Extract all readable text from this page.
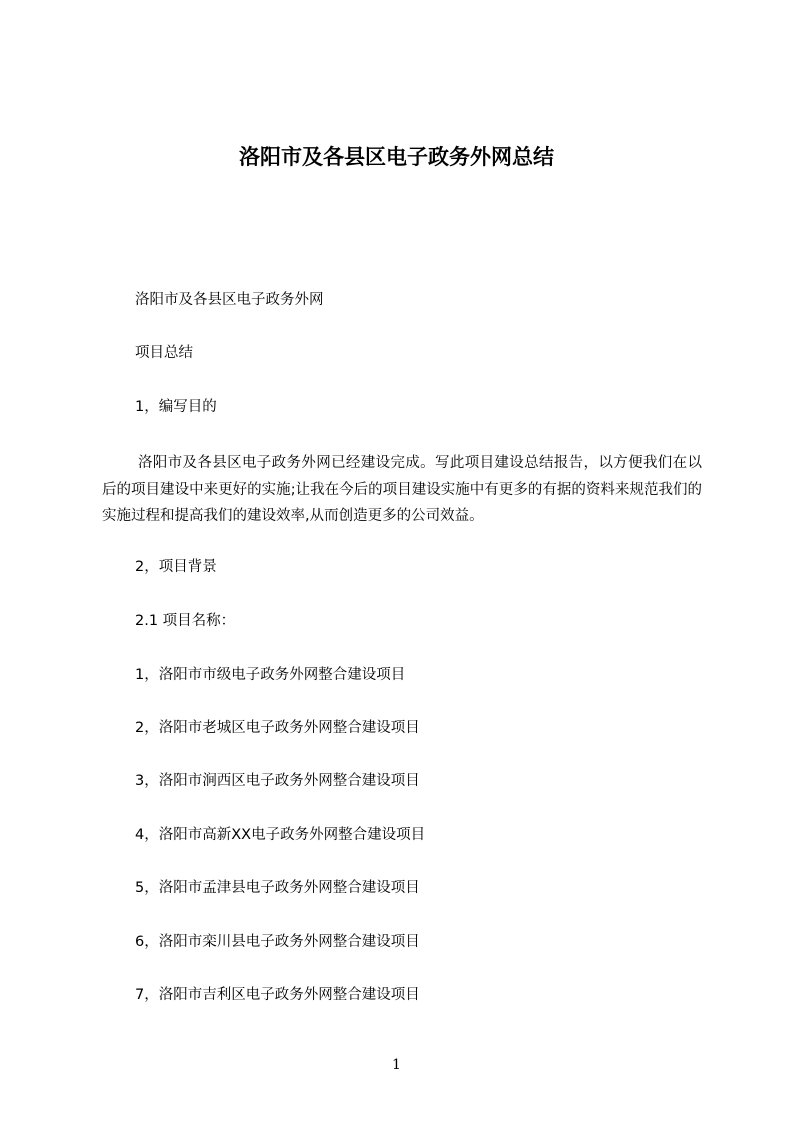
洛阳市及各县区电子政务外网总结
洛阳市及各县区电子政务外网
项目总结
1，编写目的
洛阳市及各县区电子政务外网已经建设完成。写此项目建设总结报告，以方便我们在以后的项目建设中来更好的实施;让我在今后的项目建设实施中有更多的有据的资料来规范我们的实施过程和提高我们的建设效率,从而创造更多的公司效益。
2，项目背景
2.1 项目名称：
1，洛阳市市级电子政务外网整合建设项目
2，洛阳市老城区电子政务外网整合建设项目
3，洛阳市涧西区电子政务外网整合建设项目
4，洛阳市高新XX电子政务外网整合建设项目
5，洛阳市孟津县电子政务外网整合建设项目
6，洛阳市栾川县电子政务外网整合建设项目
7，洛阳市吉利区电子政务外网整合建设项目
1
